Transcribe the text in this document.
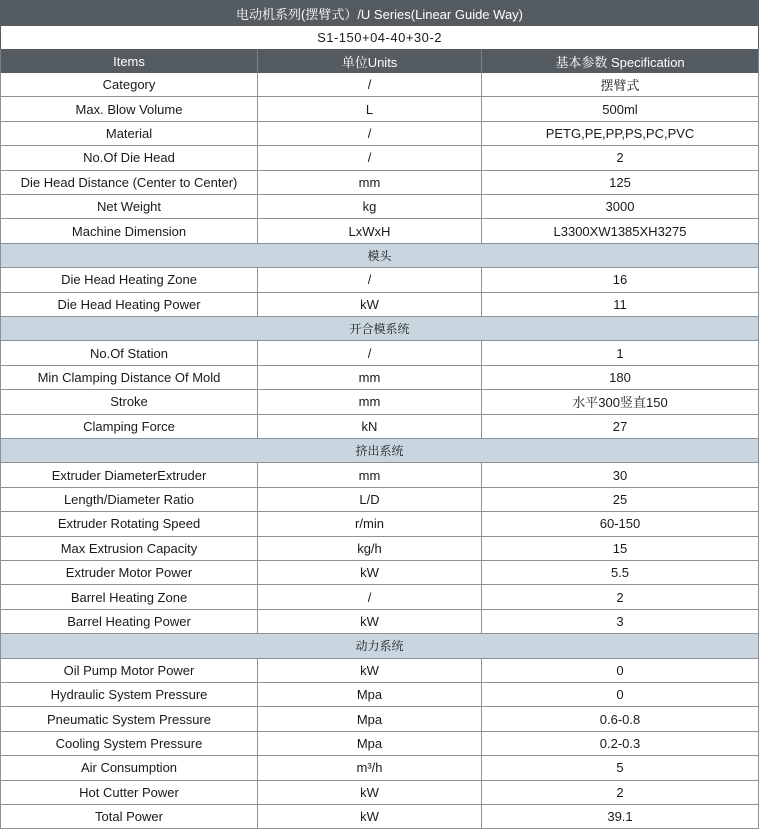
电动机系列(摆臂式）/U Series(Linear Guide Way)
S1-150+04-40+30-2
Items	单位Units	基本参数 Specification
Category	/	摆臂式
Max. Blow Volume	L	500ml
Material	/	PETG,PE,PP,PS,PC,PVC
No.Of Die Head	/	2
Die Head Distance (Center to Center)	mm	125
Net Weight	kg	3000
Machine Dimension	LxWxH	L3300XW1385XH3275
模头
Die Head Heating Zone	/	16
Die Head Heating Power	kW	11
开合模系统
No.Of Station	/	1
Min Clamping Distance Of Mold	mm	180
Stroke	mm	水平300竖直150
Clamping Force	kN	27
挤出系统
Extruder DiameterExtruder	mm	30
Length/Diameter Ratio	L/D	25
Extruder Rotating Speed	r/min	60-150
Max Extrusion Capacity	kg/h	15
Extruder Motor Power	kW	5.5
Barrel Heating Zone	/	2
Barrel Heating Power	kW	3
动力系统
Oil Pump Motor Power	kW	0
Hydraulic System Pressure	Mpa	0
Pneumatic System Pressure	Mpa	0.6-0.8
Cooling System Pressure	Mpa	0.2-0.3
Air Consumption	m³/h	5
Hot Cutter Power	kW	2
Total Power	kW	39.1
